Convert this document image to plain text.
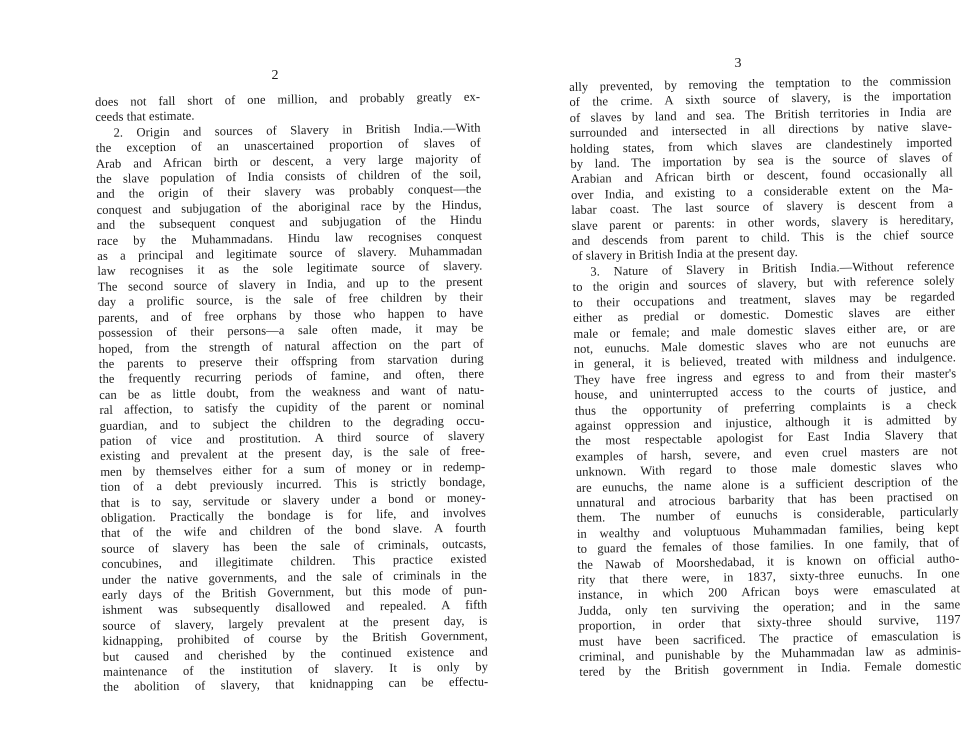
2
does not fall short of one million, and probably greatly ex-
ceeds that estimate.
2. Origin and sources of Slavery in British India.—With
the exception of an unascertained proportion of slaves of
Arab and African birth or descent, a very large majority of
the slave population of India consists of children of the soil,
and the origin of their slavery was probably conquest—the
conquest and subjugation of the aboriginal race by the Hindus,
and the subsequent conquest and subjugation of the Hindu
race by the Muhammadans. Hindu law recognises conquest
as a principal and legitimate source of slavery. Muhammadan
law recognises it as the sole legitimate source of slavery.
The second source of slavery in India, and up to the present
day a prolific source, is the sale of free children by their
parents, and of free orphans by those who happen to have
possession of their persons—a sale often made, it may be
hoped, from the strength of natural affection on the part of
the parents to preserve their offspring from starvation during
the frequently recurring periods of famine, and often, there
can be as little doubt, from the weakness and want of natu-
ral affection, to satisfy the cupidity of the parent or nominal
guardian, and to subject the children to the degrading occu-
pation of vice and prostitution. A third source of slavery
existing and prevalent at the present day, is the sale of free-
men by themselves either for a sum of money or in redemp-
tion of a debt previously incurred. This is strictly bondage,
that is to say, servitude or slavery under a bond or money-
obligation. Practically the bondage is for life, and involves
that of the wife and children of the bond slave. A fourth
source of slavery has been the sale of criminals, outcasts,
concubines, and illegitimate children. This practice existed
under the native governments, and the sale of criminals in the
early days of the British Government, but this mode of pun-
ishment was subsequently disallowed and repealed. A fifth
source of slavery, largely prevalent at the present day, is
kidnapping, prohibited of course by the British Government,
but caused and cherished by the continued existence and
maintenance of the institution of slavery. It is only by
the abolition of slavery, that knidnapping can be effectu-
3
ally prevented, by removing the temptation to the commission
of the crime. A sixth source of slavery, is the importation
of slaves by land and sea. The British territories in India are
surrounded and intersected in all directions by native slave-
holding states, from which slaves are clandestinely imported
by land. The importation by sea is the source of slaves of
Arabian and African birth or descent, found occasionally all
over India, and existing to a considerable extent on the Ma-
labar coast. The last source of slavery is descent from a
slave parent or parents: in other words, slavery is hereditary,
and descends from parent to child. This is the chief source
of slavery in British India at the present day.
3. Nature of Slavery in British India.—Without reference
to the origin and sources of slavery, but with reference solely
to their occupations and treatment, slaves may be regarded
either as predial or domestic. Domestic slaves are either
male or female; and male domestic slaves either are, or are
not, eunuchs. Male domestic slaves who are not eunuchs are
in general, it is believed, treated with mildness and indulgence.
They have free ingress and egress to and from their master's
house, and uninterrupted access to the courts of justice, and
thus the opportunity of preferring complaints is a check
against oppression and injustice, although it is admitted by
the most respectable apologist for East India Slavery that
examples of harsh, severe, and even cruel masters are not
unknown. With regard to those male domestic slaves who
are eunuchs, the name alone is a sufficient description of the
unnatural and atrocious barbarity that has been practised on
them. The number of eunuchs is considerable, particularly
in wealthy and voluptuous Muhammadan families, being kept
to guard the females of those families. In one family, that of
the Nawab of Moorshedabad, it is known on official autho-
rity that there were, in 1837, sixty-three eunuchs. In one
instance, in which 200 African boys were emasculated at
Judda, only ten surviving the operation; and in the same
proportion, in order that sixty-three should survive, 1197
must have been sacrificed. The practice of emasculation is
criminal, and punishable by the Muhammadan law as adminis-
tered by the British government in India. Female domestic
